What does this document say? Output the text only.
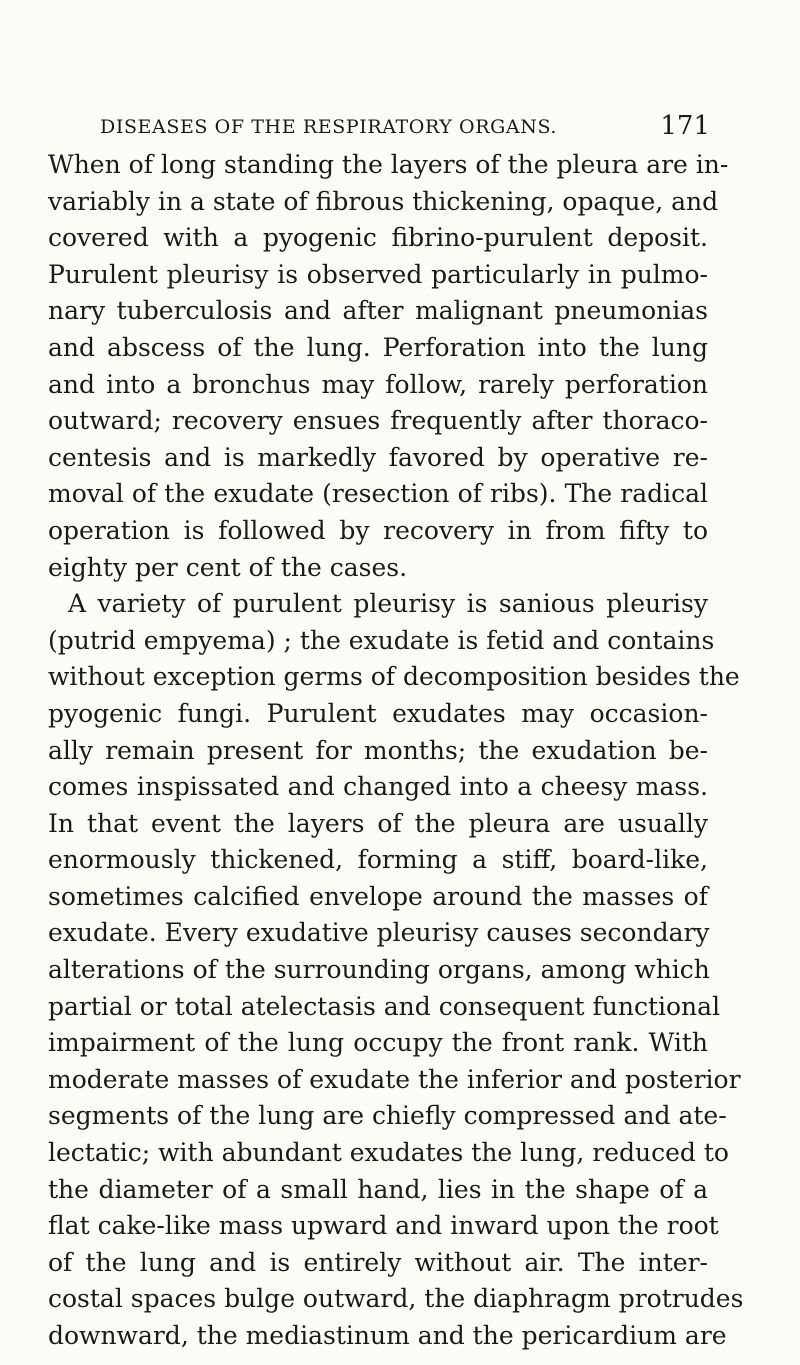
DISEASES OF THE RESPIRATORY ORGANS.	171
When of long standing the layers of the pleura are in-
variably in a state of fibrous thickening, opaque, and
covered with a pyogenic fibrino-purulent deposit.
Purulent pleurisy is observed particularly in pulmo-
nary tuberculosis and after malignant pneumonias
and abscess of the lung. Perforation into the lung
and into a bronchus may follow, rarely perforation
outward; recovery ensues frequently after thoraco-
centesis and is markedly favored by operative re-
moval of the exudate (resection of ribs). The radical
operation is followed by recovery in from fifty to
eighty per cent of the cases.
A variety of purulent pleurisy is sanious pleurisy
(putrid empyema) ; the exudate is fetid and contains
without exception germs of decomposition besides the
pyogenic fungi. Purulent exudates may occasion-
ally remain present for months; the exudation be-
comes inspissated and changed into a cheesy mass.
In that event the layers of the pleura are usually
enormously thickened, forming a stiff, board-like,
sometimes calcified envelope around the masses of
exudate. Every exudative pleurisy causes secondary
alterations of the surrounding organs, among which
partial or total atelectasis and consequent functional
impairment of the lung occupy the front rank. With
moderate masses of exudate the inferior and posterior
segments of the lung are chiefly compressed and ate-
lectatic; with abundant exudates the lung, reduced to
the diameter of a small hand, lies in the shape of a
flat cake-like mass upward and inward upon the root
of the lung and is entirely without air. The inter-
costal spaces bulge outward, the diaphragm protrudes
downward, the mediastinum and the pericardium are
